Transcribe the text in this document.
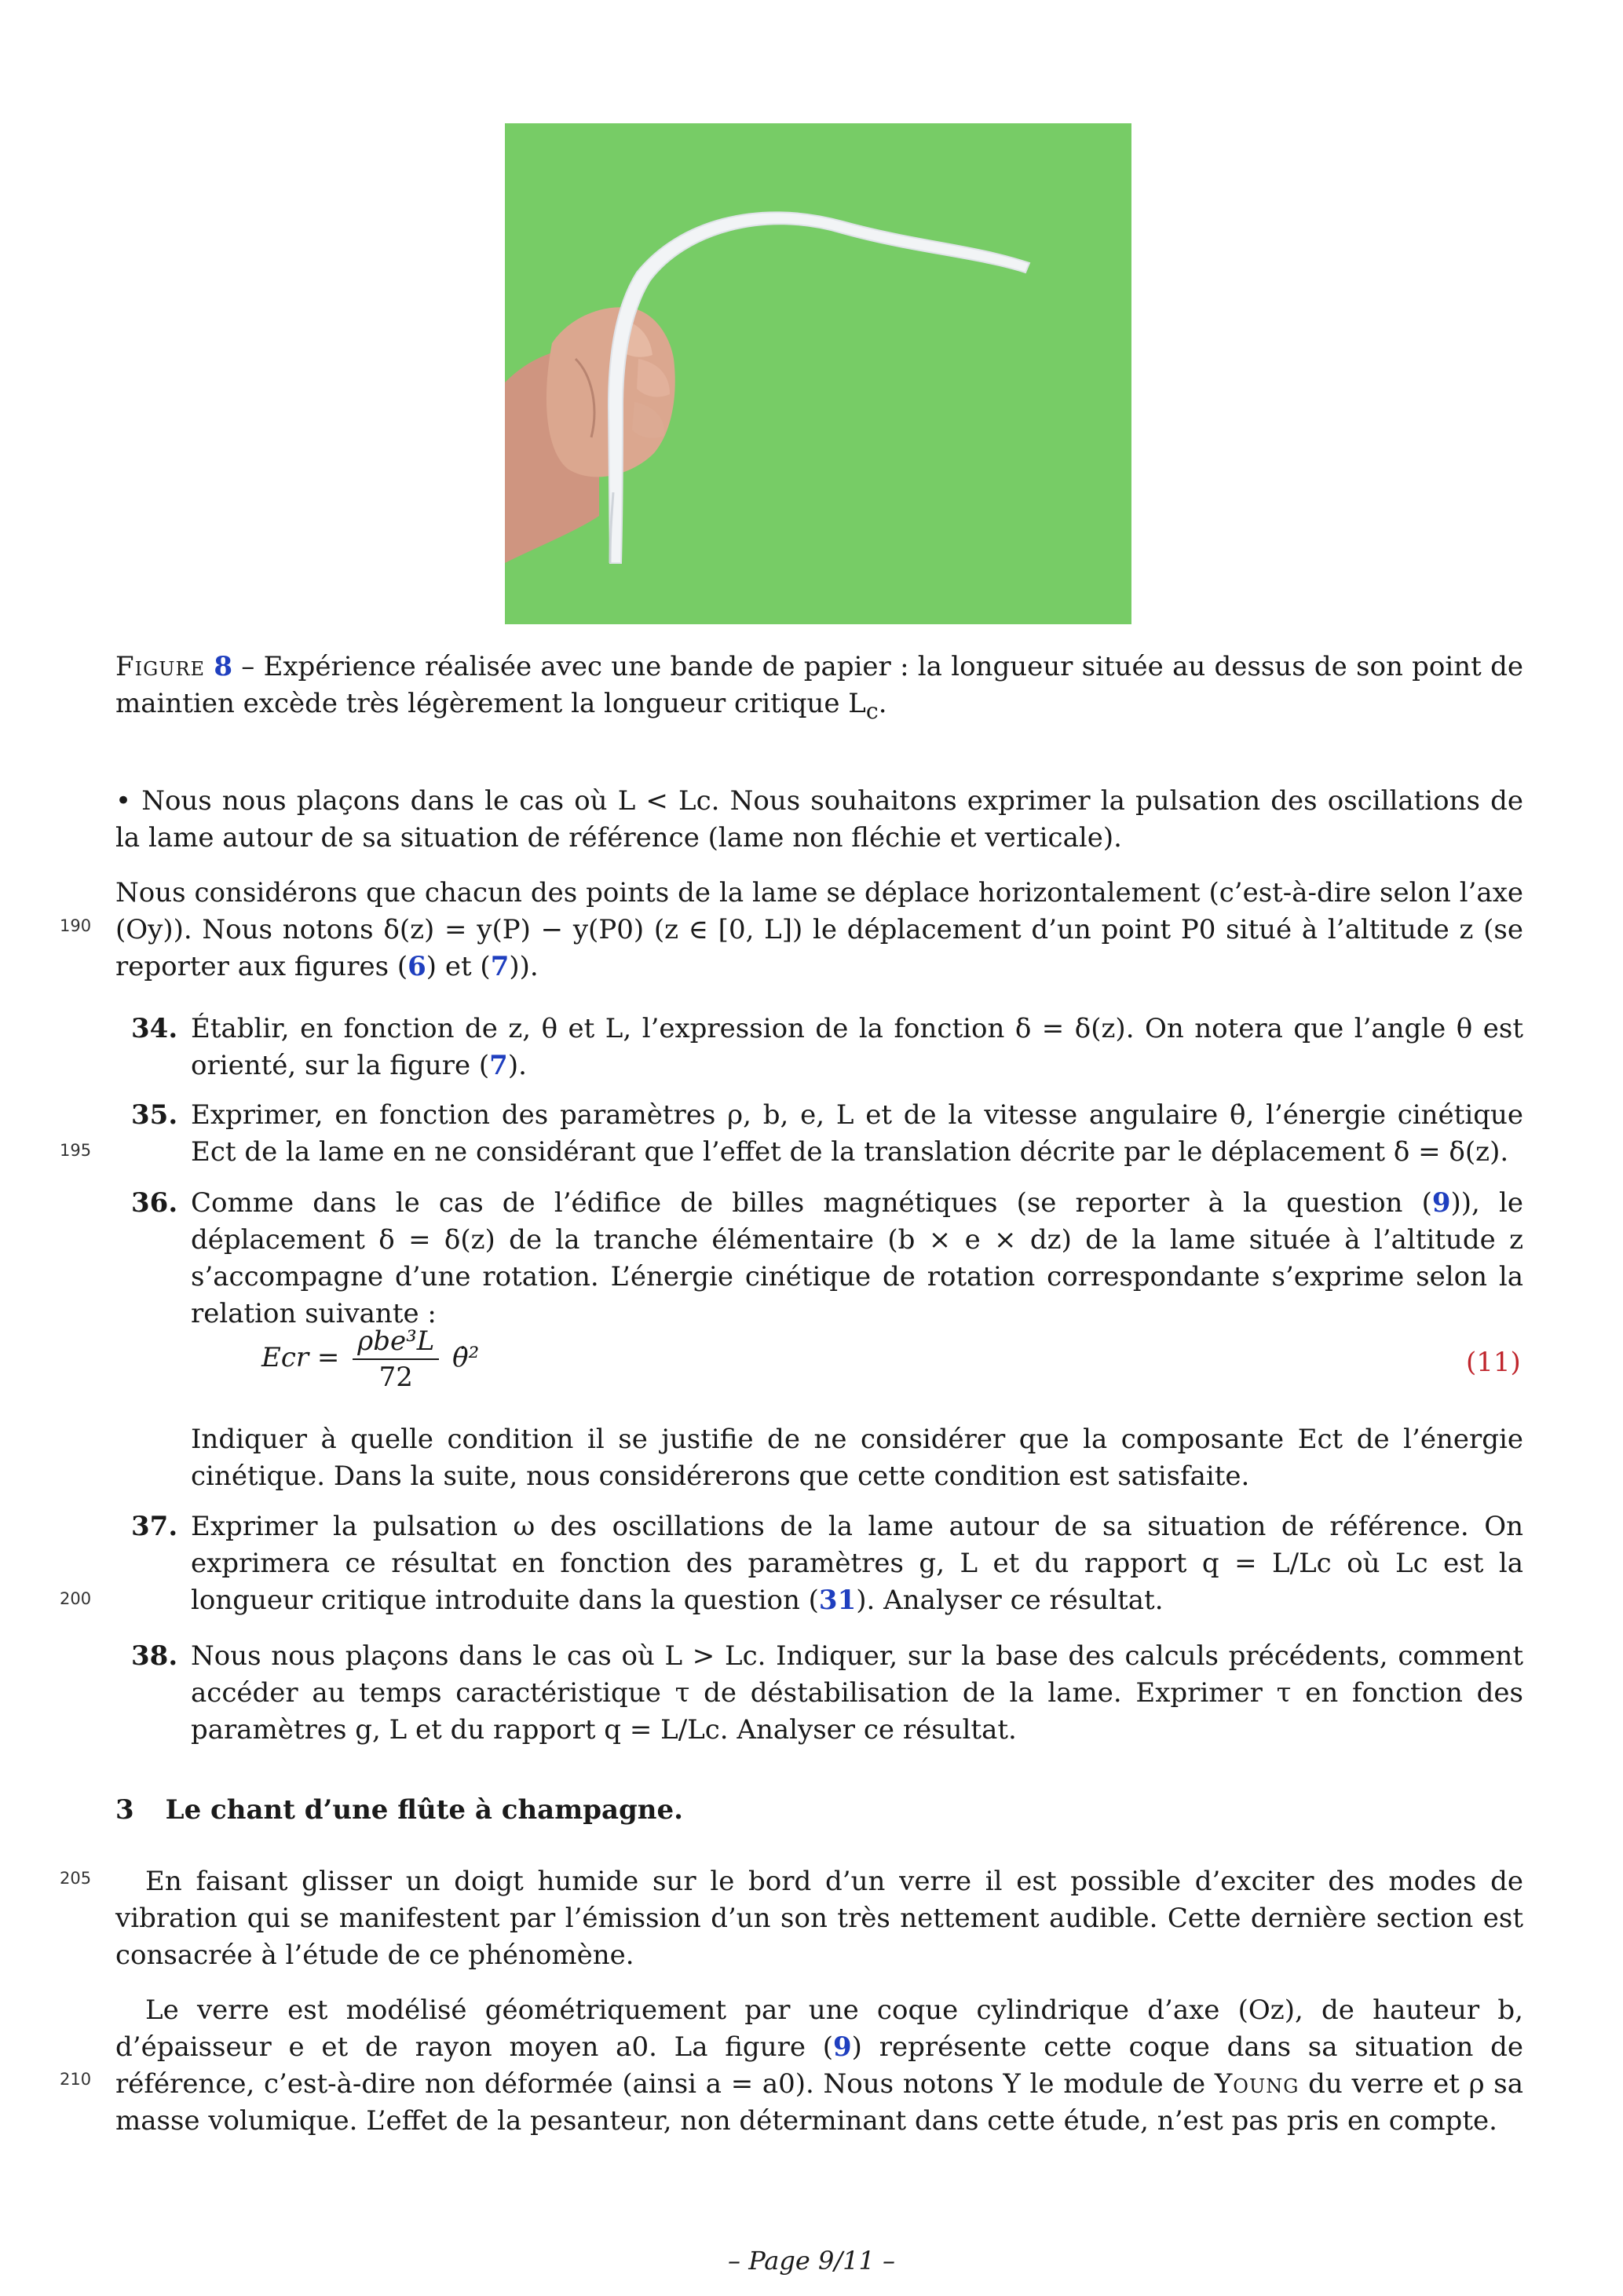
Figure 8 – Expérience réalisée avec une bande de papier : la longueur située au dessus de son point de maintien excède très légèrement la longueur critique $L_c$.
• Nous nous plaçons dans le cas où L < Lc. Nous souhaitons exprimer la pulsation des oscillations de la lame autour de sa situation de référence (lame non fléchie et verticale).
Nous considérons que chacun des points de la lame se déplace horizontalement (c’est-à-dire selon l’axe (Oy)). Nous notons δ(z) = y(P) − y(P0) (z ∈ [0, L]) le déplacement d’un point P0 situé à l’altitude z (se reporter aux figures (6) et (7)).
34. Établir, en fonction de z, θ et L, l’expression de la fonction δ = δ(z). On notera que l’angle θ est orienté, sur la figure (7).
35. Exprimer, en fonction des paramètres ρ, b, e, L et de la vitesse angulaire θ̇, l’énergie cinétique Ect de la lame en ne considérant que l’effet de la translation décrite par le déplacement δ = δ(z).
36. Comme dans le cas de l’édifice de billes magnétiques (se reporter à la question (9)), le déplacement δ = δ(z) de la tranche élémentaire (b × e × dz) de la lame située à l’altitude z s’accompagne d’une rotation. L’énergie cinétique de rotation correspondante s’exprime selon la relation suivante :
Ecr = $\frac{\text{ρbe³L}}{72}$ θ̇²	(11)
Indiquer à quelle condition il se justifie de ne considérer que la composante Ect de l’énergie cinétique. Dans la suite, nous considérerons que cette condition est satisfaite.
37. Exprimer la pulsation ω des oscillations de la lame autour de sa situation de référence. On exprimera ce résultat en fonction des paramètres g, L et du rapport q = L/Lc où Lc est la longueur critique introduite dans la question (31). Analyser ce résultat.
38. Nous nous plaçons dans le cas où L > Lc. Indiquer, sur la base des calculs précédents, comment accéder au temps caractéristique τ de déstabilisation de la lame. Exprimer τ en fonction des paramètres g, L et du rapport q = L/Lc. Analyser ce résultat.
3 Le chant d’une flûte à champagne.
En faisant glisser un doigt humide sur le bord d’un verre il est possible d’exciter des modes de vibration qui se manifestent par l’émission d’un son très nettement audible. Cette dernière section est consacrée à l’étude de ce phénomène.
Le verre est modélisé géométriquement par une coque cylindrique d’axe (Oz), de hauteur b, d’épaisseur e et de rayon moyen a0. La figure (9) représente cette coque dans sa situation de référence, c’est-à-dire non déformée (ainsi a = a0). Nous notons Y le module de Young du verre et ρ sa masse volumique. L’effet de la pesanteur, non déterminant dans cette étude, n’est pas pris en compte.
190
195
200
205
210
– Page 9/11 –
